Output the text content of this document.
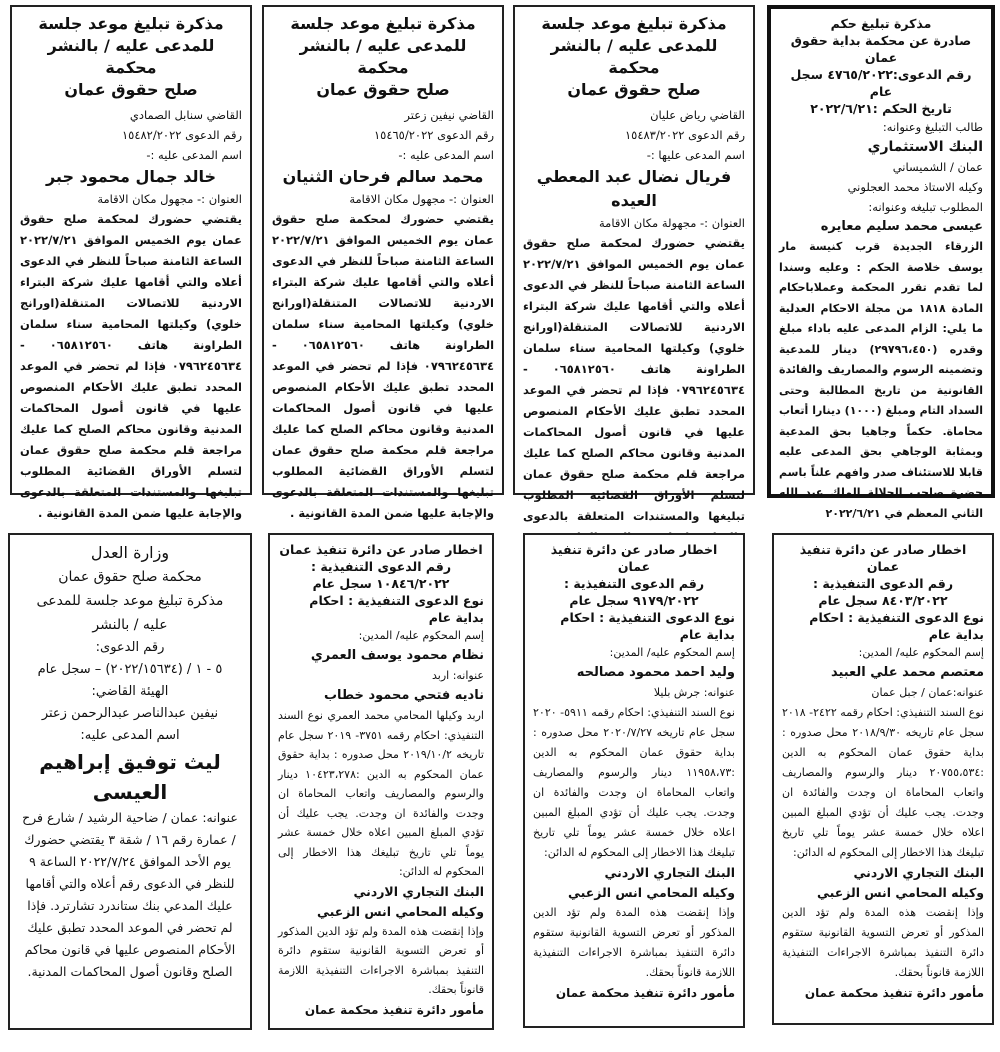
مذكرة تبليغ حكم
صادرة عن محكمة بداية حقوق عمان
رقم الدعوى:٤٧٦٥/٢٠٢٢ سجل عام
تاريخ الحكم :٢٠٢٢/٦/٢١
طالب التبليغ وعنوانه:
البنك الاستثماري
عمان / الشميساني
وكيله الاستاذ محمد العجلوني
المطلوب تبليغه وعنوانه:
عيسى محمد سليم معايره
الزرقاء الجديدة قرب كنيسة مار يوسف خلاصة الحكم : وعليه وسندا لما تقدم تقرر المحكمة وعملاباحكام المادة ١٨١٨ من مجلة الاحكام العدلية ما يلي: الزام المدعى عليه باداء مبلغ وقدره (٢٩٧٩٦،٤٥٠) دينار للمدعية وتضمينه الرسوم والمصاريف والفائدة القانونية من تاريخ المطالبة وحتى السداد التام ومبلغ (١٠٠٠) دينارا أتعاب محاماة. حكماً وجاهيا بحق المدعية وبمثابة الوجاهي بحق المدعى عليه قابلا للاستئناف صدر وافهم علناً باسم حضرة صاحب الجلالة الملك عبد الله الثاني المعظم في ٢٠٢٢/٦/٢١
مذكرة تبليغ موعد جلسة
للمدعى عليه / بالنشر محكمة
صلح حقوق عمان
القاضي رياض عليان
رقم الدعوى ١٥٤٨٣/٢٠٢٢
اسم المدعى عليها :-
فريال نضال عبد المعطي العيده
العنوان :- مجهولة مكان الاقامة
يقتضي حضورك لمحكمة صلح حقوق عمان يوم الخميس الموافق ٢٠٢٢/٧/٢١ الساعة الثامنة صباحاً للنظر في الدعوى أعلاه والتي أقامها عليك شركة البتراء الاردنية للاتصالات المتنقلة(اورانج خلوي) وكيلتها المحامية سناء سلمان الطراونة هاتف ٠٦٥٨١٢٥٦٠ - ٠٧٩٦٢٤٥٦٣٤ فإذا لم تحضر في الموعد المحدد تطبق عليك الأحكام المنصوص عليها في قانون أصول المحاكمات المدنية وقانون محاكم الصلح كما عليك مراجعة قلم محكمة صلح حقوق عمان لتسلم الأوراق القضائية المطلوب تبليغها والمستندات المتعلقة بالدعوى
مذكرة تبليغ موعد جلسة
للمدعى عليه / بالنشر محكمة
صلح حقوق عمان
القاضي نيفين زعتر
رقم الدعوى ١٥٤٦٥/٢٠٢٢
اسم المدعى عليه :-
محمد سالم فرحان الثنيان
العنوان :- مجهول مكان الاقامة
يقتضي حضورك لمحكمة صلح حقوق عمان يوم الخميس الموافق ٢٠٢٢/٧/٢١ الساعة الثامنة صباحاً للنظر في الدعوى أعلاه والتي أقامها عليك شركة البتراء الاردنية للاتصالات المتنقلة(اورانج خلوي) وكيلتها المحامية سناء سلمان الطراونة هاتف ٠٦٥٨١٢٥٦٠ - ٠٧٩٦٢٤٥٦٣٤ فإذا لم تحضر في الموعد المحدد تطبق عليك الأحكام المنصوص عليها في قانون أصول المحاكمات المدنية وقانون محاكم الصلح كما عليك مراجعة قلم محكمة صلح حقوق عمان لتسلم الأوراق القضائية المطلوب تبليغها والمستندات المتعلقة بالدعوى والإجابة عليها ضمن المدة القانونية .
مذكرة تبليغ موعد جلسة
للمدعى عليه / بالنشر محكمة
صلح حقوق عمان
القاضي سنابل الصمادي
رقم الدعوى ١٥٤٨٢/٢٠٢٢
اسم المدعى عليه :-
خالد جمال محمود جبر
العنوان :- مجهول مكان الاقامة
يقتضي حضورك لمحكمة صلح حقوق عمان يوم الخميس الموافق ٢٠٢٢/٧/٢١ الساعة الثامنة صباحاً للنظر في الدعوى أعلاه والتي أقامها عليك شركة البتراء الاردنية للاتصالات المتنقلة(اورانج خلوي) وكيلتها المحامية سناء سلمان الطراونة هاتف ٠٦٥٨١٢٥٦٠ - ٠٧٩٦٢٤٥٦٣٤ فإذا لم تحضر في الموعد المحدد تطبق عليك الأحكام المنصوص عليها في قانون أصول المحاكمات المدنية وقانون محاكم الصلح كما عليك مراجعة قلم محكمة صلح حقوق عمان لتسلم الأوراق القضائية المطلوب تبليغها والمستندات المتعلقة بالدعوى والإجابة عليها ضمن المدة القانونية .
اخطار صادر عن دائرة تنفيذ عمان
رقم الدعوى التنفيذية :
٨٤٠٣/٢٠٢٢ سجل عام
نوع الدعوى التنفيذية : احكام بداية عام
إسم المحكوم عليه/ المدين:
معتصم محمد علي العبيد
عنوانه:عمان / جبل عمان
نوع السند التنفيذي: احكام رقمه ٢٤٢٢- ٢٠١٨ سجل عام تاريخه ٢٠١٨/٩/٣٠ محل صدوره : بداية حقوق عمان المحكوم به الدين :٢٠٧٥٥،٥٣٤ دينار والرسوم والمصاريف واتعاب المحاماة ان وجدت والفائدة ان وجدت. يجب عليك أن تؤدي المبلغ المبين اعلاه خلال خمسة عشر يوماً تلي تاريخ تبليغك هذا الاخطار إلى المحكوم له الدائن:
البنك التجاري الاردني
وكيله المحامي انس الزعبي
وإذا إنقضت هذه المدة ولم تؤد الدين المذكور أو تعرض التسوية القانونية ستقوم دائرة التنفيذ بمباشرة الاجراءات التنفيذية اللازمة قانوناً بحقك.
مأمور دائرة تنفيذ محكمة عمان
اخطار صادر عن دائرة تنفيذ عمان
رقم الدعوى التنفيذية :
٩١٧٩/٢٠٢٢ سجل عام
نوع الدعوى التنفيذية : احكام بداية عام
إسم المحكوم عليه/ المدين:
وليد احمد محمود مصالحه
عنوانه: جرش بليلا
نوع السند التنفيذي: احكام رقمه ٥٩١١- ٢٠٢٠ سجل عام تاريخه ٢٠٢٠/٧/٢٧ محل صدوره : بداية حقوق عمان المحكوم به الدين :١١٩٥٨،٧٣ دينار والرسوم والمصاريف واتعاب المحاماة ان وجدت والفائدة ان وجدت. يجب عليك أن تؤدي المبلغ المبين اعلاه خلال خمسة عشر يوماً تلي تاريخ تبليغك هذا الاخطار إلى المحكوم له الدائن:
البنك التجاري الاردني
وكيله المحامي انس الزعبي
وإذا إنقضت هذه المدة ولم تؤد الدين المذكور أو تعرض التسوية القانونية ستقوم دائرة التنفيذ بمباشرة الاجراءات التنفيذية اللازمة قانوناً بحقك.
مأمور دائرة تنفيذ محكمة عمان
اخطار صادر عن دائرة تنفيذ عمان
رقم الدعوى التنفيذية :
١٠٨٤٦/٢٠٢٢ سجل عام
نوع الدعوى التنفيذية : احكام بداية عام
إسم المحكوم عليه/ المدين:
نظام محمود يوسف العمري
عنوانه: اربد
ناديه فتحي محمود خطاب
اربد وكيلها المحامي محمد العمري نوع السند التنفيذي: احكام رقمه ٣٧٥١- ٢٠١٩ سجل عام تاريخه ٢٠١٩/١٠/٢ محل صدوره : بداية حقوق عمان المحكوم به الدين :١٠٤٢٣،٢٧٨ دينار والرسوم والمصاريف واتعاب المحاماة ان وجدت والفائدة ان وجدت. يجب عليك أن تؤدي المبلغ المبين اعلاه خلال خمسة عشر يوماً تلي تاريخ تبليغك هذا الاخطار إلى المحكوم له الدائن:
البنك التجاري الاردني
وكيله المحامي انس الزعبي
وإذا إنقضت هذه المدة ولم تؤد الدين المذكور أو تعرض التسوية القانونية ستقوم دائرة التنفيذ بمباشرة الاجراءات التنفيذية اللازمة قانوناً بحقك.
مأمور دائرة تنفيذ محكمة عمان
وزارة العدل
محكمة صلح حقوق عمان
مذكرة تبليغ موعد جلسة للمدعى
عليه / بالنشر
رقم الدعوى:
٥ - ١ / (٢٠٢٢/١٥٦٣٤) – سجل عام
الهيئة القاضي:
نيفين عبدالناصر عبدالرحمن زعتر
اسم المدعى عليه:
ليث توفيق إبراهيم العيسى
عنوانه: عمان / ضاحية الرشيد / شارع فرح / عمارة رقم ١٦ / شقة ٣ يقتضي حضورك يوم الأحد الموافق ٢٠٢٢/٧/٢٤ الساعة ٩ للنظر في الدعوى رقم أعلاه والتي أقامها عليك المدعي بنك ستاندرد تشارترد. فإذا لم تحضر في الموعد المحدد تطبق عليك الأحكام المنصوص عليها في قانون محاكم الصلح وقانون أصول المحاكمات المدنية.
